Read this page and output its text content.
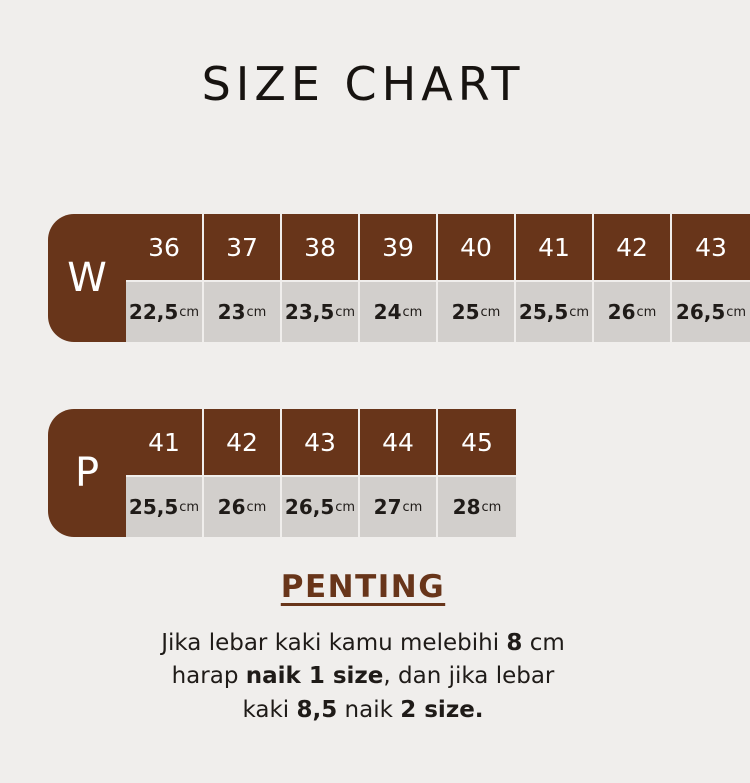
SIZE CHART
W
36	37	38	39	40	41	42	43
22,5 cm 23 cm 23,5 cm 24 cm 25 cm 25,5 cm 26 cm 26,5 cm
P
41	42	43	44	45
25,5 cm 26 cm 26,5 cm 27 cm 28 cm
PENTING
Jika lebar kaki kamu melebihi 8 cm
harap naik 1 size, dan jika lebar
kaki 8,5 naik 2 size.
